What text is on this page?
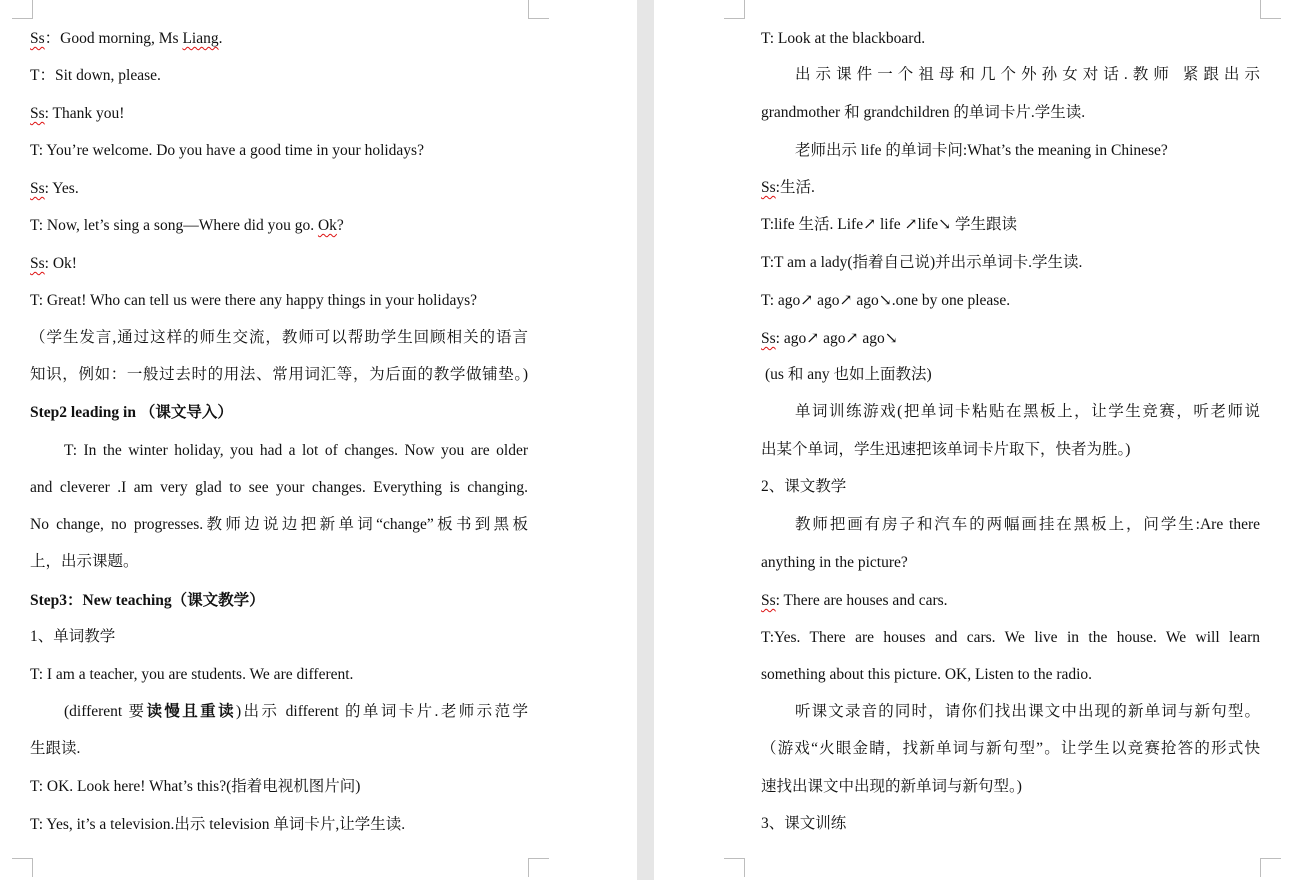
Ss：Good morning, Ms Liang.
T：Sit down, please.
Ss: Thank you!
T: You’re welcome. Do you have a good time in your holidays?
Ss: Yes.
T: Now, let’s sing a song—Where did you go. Ok?
Ss: Ok!
T: Great! Who can tell us were there any happy things in your holidays?
（学生发言,通过这样的师生交流，教师可以帮助学生回顾相关的语言
知识，例如：一般过去时的用法、常用词汇等，为后面的教学做铺垫。)
Step2 leading in （课文导入）
T: In the winter holiday, you had a lot of changes. Now you are older
and cleverer .I am very glad to see your changes. Everything is changing.
No change, no progresses.教师边说边把新单词“change”板书到黑板
上，出示课题。
Step3：New teaching（课文教学）
1、单词教学
T: I am a teacher, you are students. We are different.
(different 要读慢且重读)出示 different 的单词卡片.老师示范学
生跟读.
T: OK. Look here! What’s this?(指着电视机图片问)
T: Yes, it’s a television.出示 television 单词卡片,让学生读.
T: Look at the blackboard.
出示课件一个祖母和几个外孙女对话.教师 紧跟出示
grandmother 和 grandchildren 的单词卡片.学生读.
老师出示 life 的单词卡问:What’s the meaning in Chinese?
Ss:生活.
T:life 生活. Life↗ life ↗life↘ 学生跟读
T:T am a lady(指着自己说)并出示单词卡.学生读.
T: ago↗ ago↗ ago↘.one by one please.
Ss: ago↗ ago↗ ago↘
(us 和 any 也如上面教法)
单词训练游戏(把单词卡粘贴在黑板上，让学生竞赛，听老师说
出某个单词，学生迅速把该单词卡片取下，快者为胜。)
2、课文教学
教师把画有房子和汽车的两幅画挂在黑板上，问学生:Are there
anything in the picture?
Ss: There are houses and cars.
T:Yes. There are houses and cars. We live in the house. We will learn
something about this picture. OK, Listen to the radio.
听课文录音的同时，请你们找出课文中出现的新单词与新句型。
（游戏“火眼金睛，找新单词与新句型”。让学生以竞赛抢答的形式快
速找出课文中出现的新单词与新句型。)
3、课文训练
